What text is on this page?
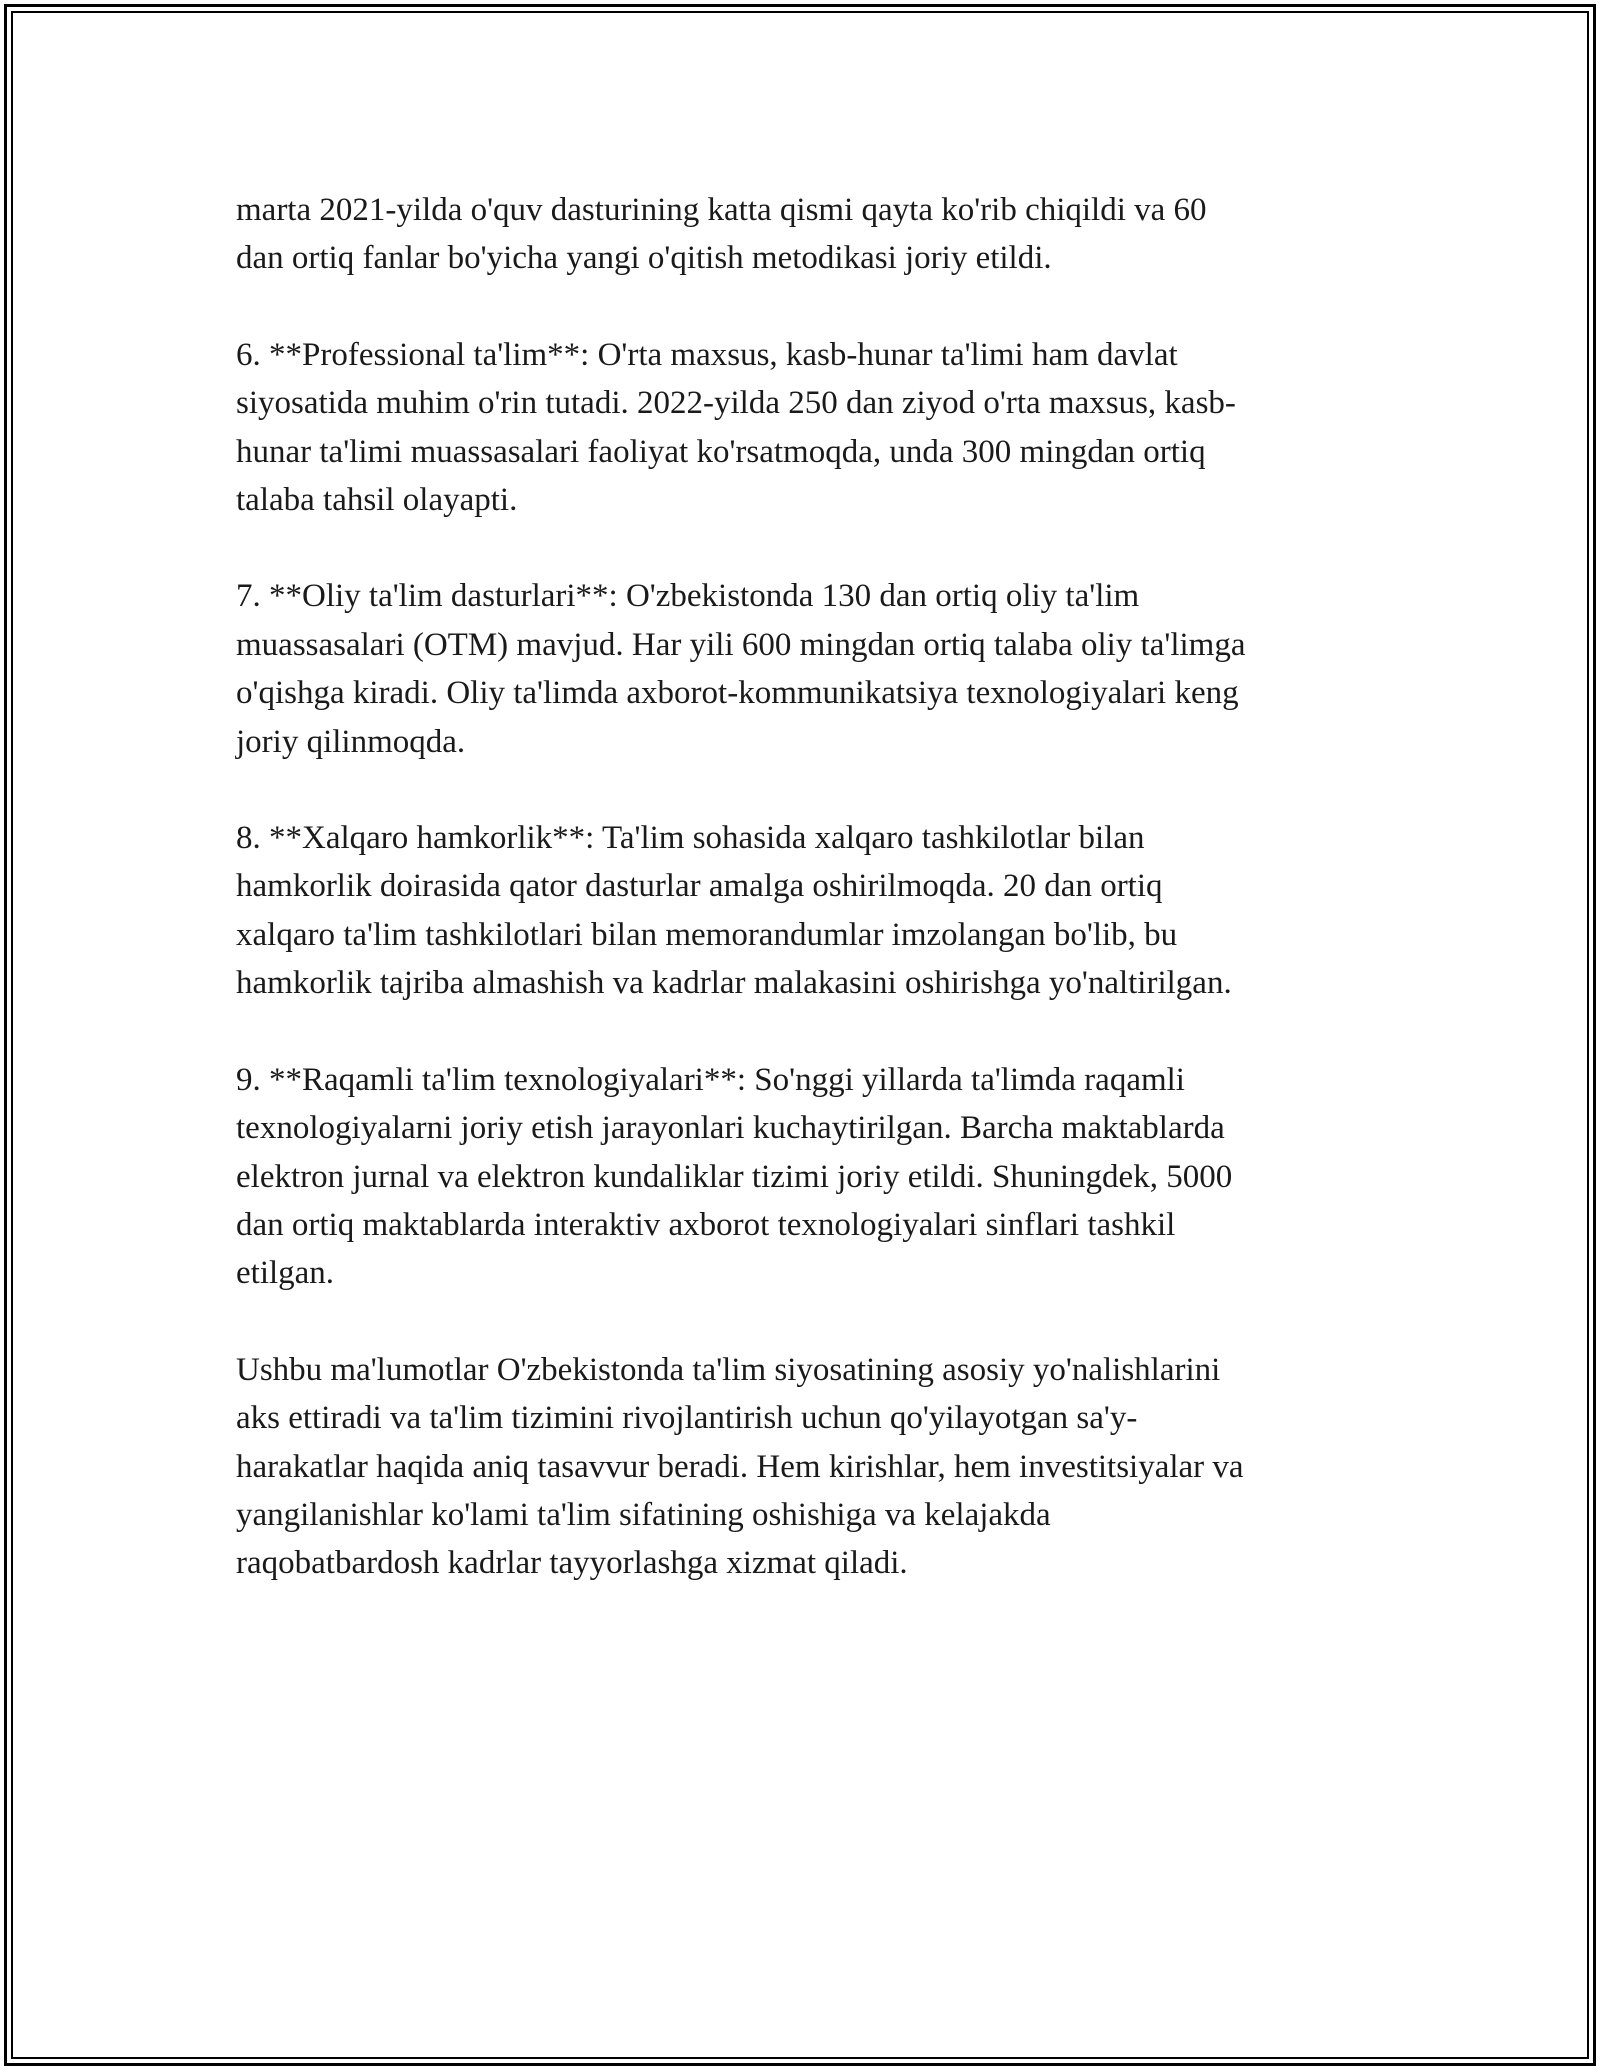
marta 2021-yilda o'quv dasturining katta qismi qayta ko'rib chiqildi va 60
dan ortiq fanlar bo'yicha yangi o'qitish metodikasi joriy etildi.

6. **Professional ta'lim**: O'rta maxsus, kasb-hunar ta'limi ham davlat
siyosatida muhim o'rin tutadi. 2022-yilda 250 dan ziyod o'rta maxsus, kasb-
hunar ta'limi muassasalari faoliyat ko'rsatmoqda, unda 300 mingdan ortiq
talaba tahsil olayapti.

7. **Oliy ta'lim dasturlari**: O'zbekistonda 130 dan ortiq oliy ta'lim
muassasalari (OTM) mavjud. Har yili 600 mingdan ortiq talaba oliy ta'limga
o'qishga kiradi. Oliy ta'limda axborot-kommunikatsiya texnologiyalari keng
joriy qilinmoqda.

8. **Xalqaro hamkorlik**: Ta'lim sohasida xalqaro tashkilotlar bilan
hamkorlik doirasida qator dasturlar amalga oshirilmoqda. 20 dan ortiq
xalqaro ta'lim tashkilotlari bilan memorandumlar imzolangan bo'lib, bu
hamkorlik tajriba almashish va kadrlar malakasini oshirishga yo'naltirilgan.

9. **Raqamli ta'lim texnologiyalari**: So'nggi yillarda ta'limda raqamli
texnologiyalarni joriy etish jarayonlari kuchaytirilgan. Barcha maktablarda
elektron jurnal va elektron kundaliklar tizimi joriy etildi. Shuningdek, 5000
dan ortiq maktablarda interaktiv axborot texnologiyalari sinflari tashkil
etilgan.

Ushbu ma'lumotlar O'zbekistonda ta'lim siyosatining asosiy yo'nalishlarini
aks ettiradi va ta'lim tizimini rivojlantirish uchun qo'yilayotgan sa'y-
harakatlar haqida aniq tasavvur beradi. Hem kirishlar, hem investitsiyalar va
yangilanishlar ko'lami ta'lim sifatining oshishiga va kelajakda
raqobatbardosh kadrlar tayyorlashga xizmat qiladi.
